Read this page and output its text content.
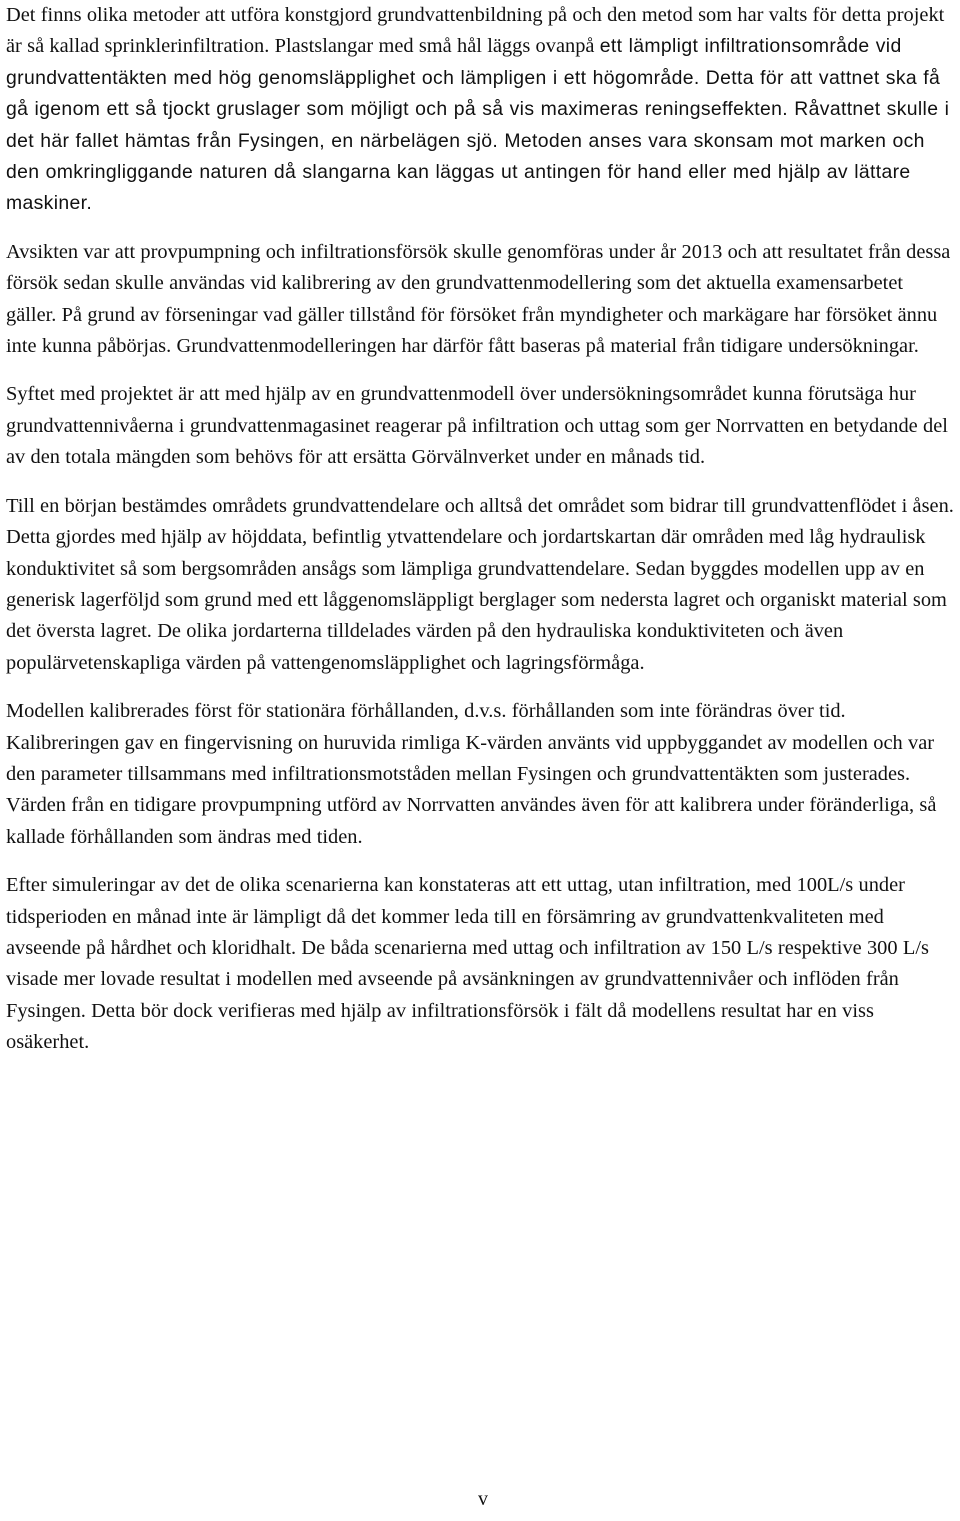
Det finns olika metoder att utföra konstgjord grundvattenbildning på och den metod som har valts för detta projekt är så kallad sprinklerinfiltration. Plastslangar med små hål läggs ovanpå ett lämpligt infiltrationsområde vid grundvattentäkten med hög genomsläpplighet och lämpligen i ett högområde. Detta för att vattnet ska få gå igenom ett så tjockt gruslager som möjligt och på så vis maximeras reningseffekten. Råvattnet skulle i det här fallet hämtas från Fysingen, en närbelägen sjö. Metoden anses vara skonsam mot marken och den omkringliggande naturen då slangarna kan läggas ut antingen för hand eller med hjälp av lättare maskiner.

Avsikten var att provpumpning och infiltrationsförsök skulle genomföras under år 2013 och att resultatet från dessa försök sedan skulle användas vid kalibrering av den grundvattenmodellering som det aktuella examensarbetet gäller. På grund av förseningar vad gäller tillstånd för försöket från myndigheter och markägare har försöket ännu inte kunna påbörjas. Grundvattenmodelleringen har därför fått baseras på material från tidigare undersökningar.

Syftet med projektet är att med hjälp av en grundvattenmodell över undersökningsområdet kunna förutsäga hur grundvattennivåerna i grundvattenmagasinet reagerar på infiltration och uttag som ger Norrvatten en betydande del av den totala mängden som behövs för att ersätta Görvälnverket under en månads tid.

Till en början bestämdes områdets grundvattendelare och alltså det området som bidrar till grundvattenflödet i åsen. Detta gjordes med hjälp av höjddata, befintlig ytvattendelare och jordartskartan där områden med låg hydraulisk konduktivitet så som bergsområden ansågs som lämpliga grundvattendelare. Sedan byggdes modellen upp av en generisk lagerföljd som grund med ett låggenomsläppligt berglager som nedersta lagret och organiskt material som det översta lagret. De olika jordarterna tilldelades värden på den hydrauliska konduktiviteten och även populärvetenskapliga värden på vattengenomsläpplighet och lagringsförmåga.

Modellen kalibrerades först för stationära förhållanden, d.v.s. förhållanden som inte förändras över tid. Kalibreringen gav en fingervisning on huruvida rimliga K-värden använts vid uppbyggandet av modellen och var den parameter tillsammans med infiltrationsmotståden mellan Fysingen och grundvattentäkten som justerades. Värden från en tidigare provpumpning utförd av Norrvatten användes även för att kalibrera under föränderliga, så kallade förhållanden som ändras med tiden.

Efter simuleringar av det de olika scenarierna kan konstateras att ett uttag, utan infiltration, med 100L/s under tidsperioden en månad inte är lämpligt då det kommer leda till en försämring av grundvattenkvaliteten med avseende på hårdhet och kloridhalt. De båda scenarierna med uttag och infiltration av 150 L/s respektive 300 L/s visade mer lovade resultat i modellen med avseende på avsänkningen av grundvattennivåer och inflöden från Fysingen. Detta bör dock verifieras med hjälp av infiltrationsförsök i fält då modellens resultat har en viss osäkerhet.

v
